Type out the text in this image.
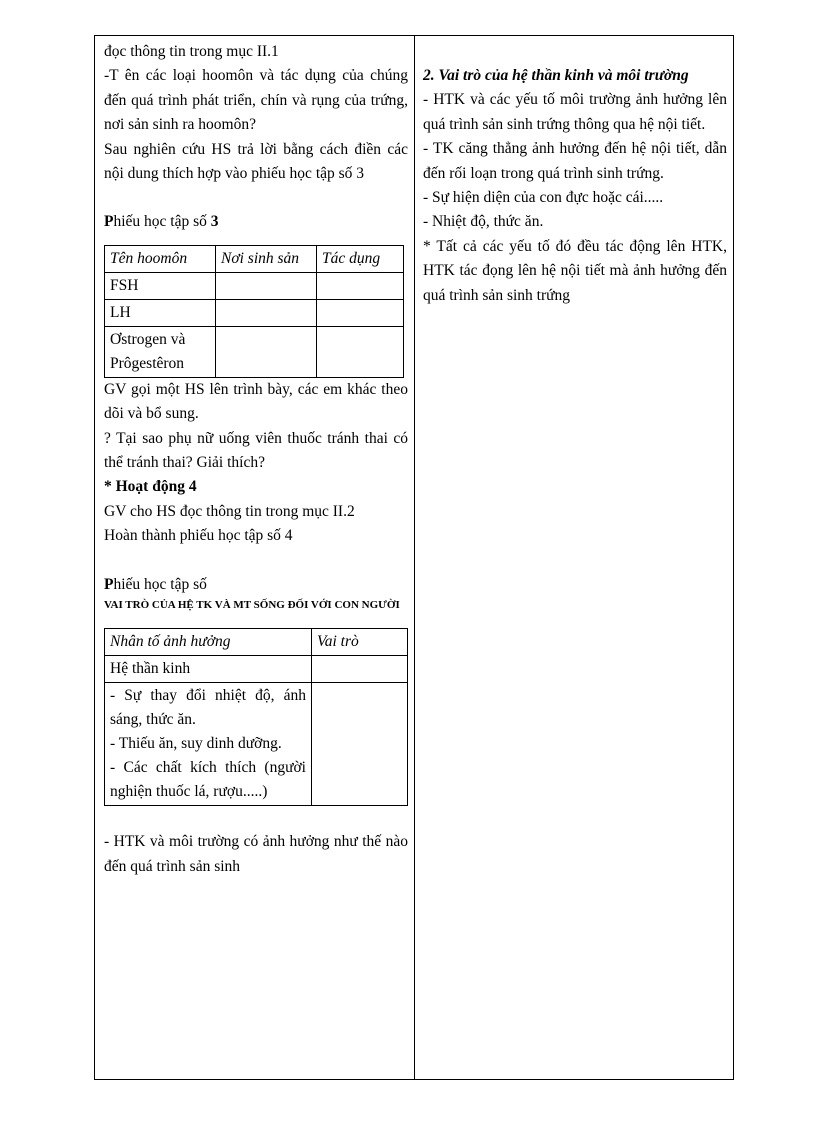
đọc thông tin trong mục II.1

-T ên các loại hoomôn và tác dụng của chúng đến quá trình phát triển, chín và rụng của trứng, nơi sản sinh ra hoomôn?

Sau nghiên cứu HS trả lời bằng cách điền các nội dung thích hợp vào phiếu học tập số 3

Phiếu học tập số 3

Tên hoomôn	Nơi sinh sản	Tác dụng
FSH		
LH		
Ơstrogen và Prôgestêron		

GV gọi một HS lên trình bày, các em khác theo dõi và bổ sung.

? Tại sao phụ nữ uống viên thuốc tránh thai có thể tránh thai? Giải thích?

* Hoạt động 4

GV cho HS đọc thông tin trong mục II.2

Hoàn thành phiếu học tập số 4

Phiếu học tập số

VAI TRÒ CỦA HỆ TK VÀ MT SỐNG ĐỐI VỚI CON NGƯỜI

Nhân tố ảnh hưởng	Vai trò
Hệ thần kinh	

- Sự thay đổi nhiệt độ, ánh sáng, thức ăn.
- Thiếu ăn, suy dinh dưỡng.
- Các chất kích thích (người nghiện thuốc lá, rượu.....)	

- HTK và môi trường có ảnh hưởng như thế nào đến quá trình sản sinh

2. Vai trò của hệ thần kinh và môi trường

- HTK và các yếu tố môi trường ảnh hưởng lên quá trình sản sinh trứng thông qua hệ nội tiết.

- TK căng thẳng ảnh hưởng đến hệ nội tiết, dẫn đến rối loạn trong quá trình sinh trứng.

- Sự hiện diện của con đực hoặc cái.....

- Nhiệt độ, thức ăn.

* Tất cả các yếu tố đó đều tác động lên HTK, HTK tác đọng lên hệ nội tiết mà ảnh hưởng đến quá trình sản sinh trứng
